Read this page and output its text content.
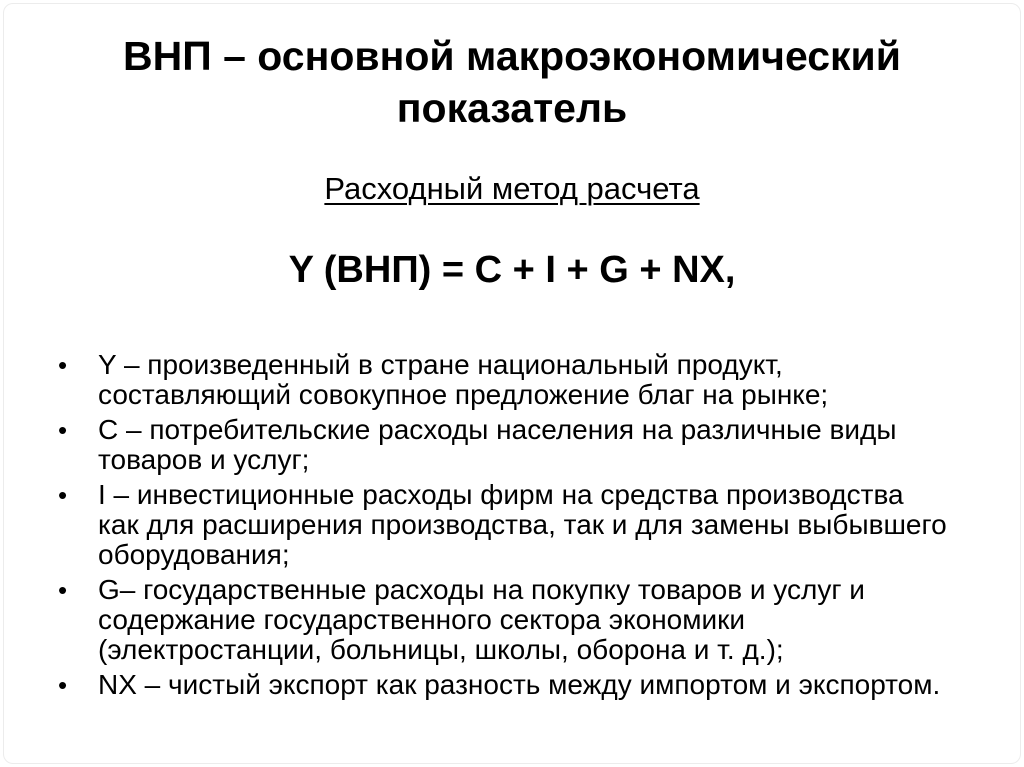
ВНП – основной макроэкономический
показатель
Расходный метод расчета
Y (ВНП) = C + I + G + NX,
•	Y – произведенный в стране национальный продукт,
составляющий совокупное предложение благ на рынке;
•	C – потребительские расходы населения на различные виды
товаров и услуг;
•	I – инвестиционные расходы фирм на средства производства
как для расширения производства, так и для замены выбывшего
оборудования;
•	G– государственные расходы на покупку товаров и услуг и
содержание государственного сектора экономики
(электростанции, больницы, школы, оборона и т. д.);
•	NX – чистый экспорт как разность между импортом и экспортом.
